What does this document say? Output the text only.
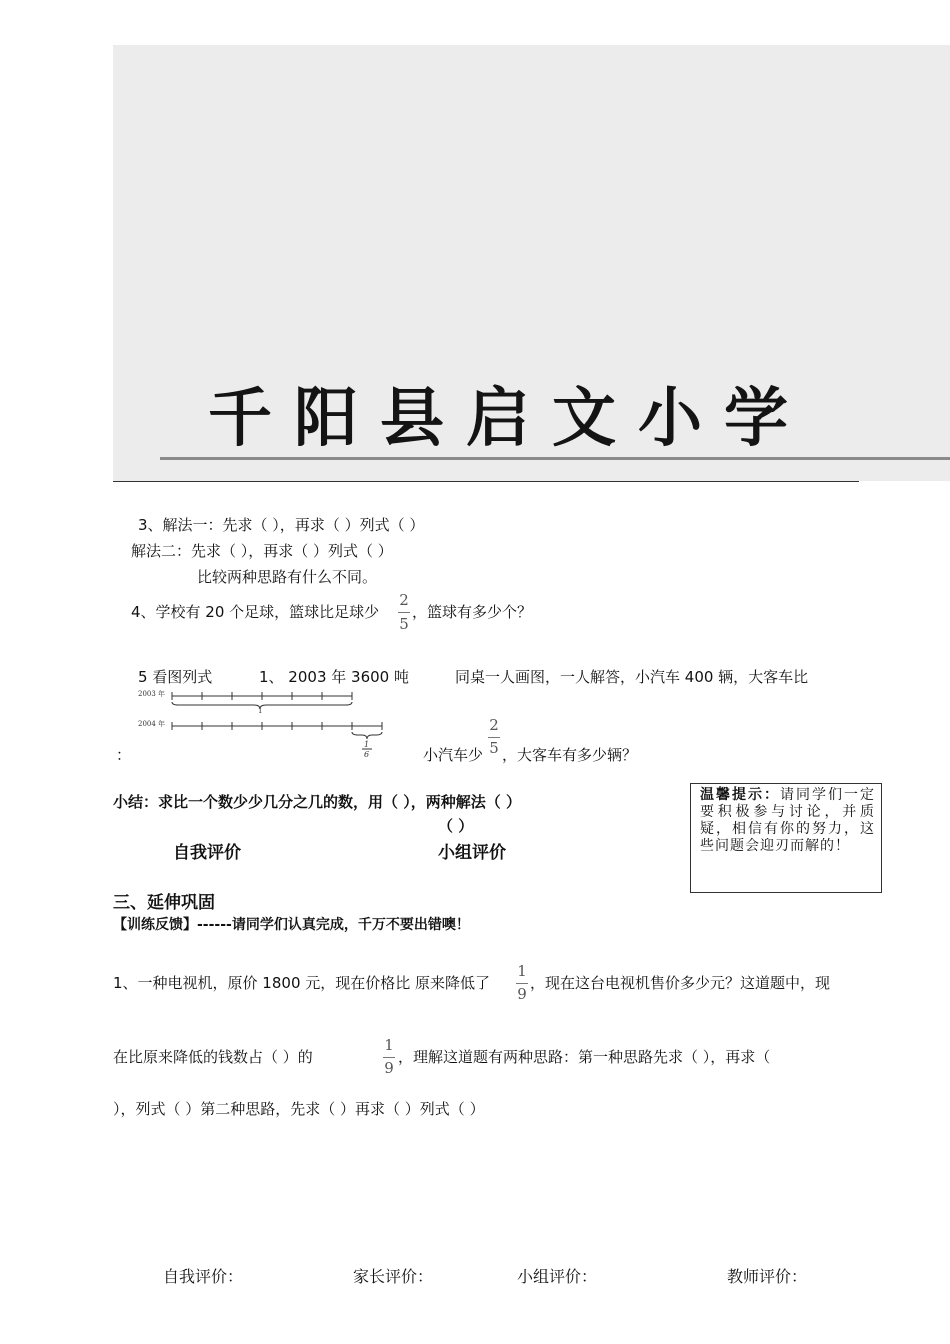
千阳县启文小学
3、解法一：先求（ ），再求（ ）列式（ ）
解法二：先求（ ），再求（ ）列式（ ）
比较两种思路有什么不同。
4、学校有 20 个足球，篮球比足球少
2
5
，篮球有多少个？
5 看图列式	1、 2003 年 3600 吨	同桌一人画图，一人解答，小汽车 400 辆，大客车比
2003 年
1
2004 年
1
6
：	小汽车少
2
5 ，大客车有多少辆？
小结：求比一个数少少几分之几的数，用（ ），两种解法（ ）
（ ）
自我评价	小组评价
温馨提示：请同学们一定要积极参与讨论，并质疑，相信有你的努力，这些问题会迎刃而解的！
三、延伸巩固
【训练反馈】------请同学们认真完成，千万不要出错噢！
1、一种电视机，原价 1800 元，现在价格比 原来降低了
1
9
，现在这台电视机售价多少元？这道题中，现
在比原来降低的钱数占（ ）的
1
9
，理解这道题有两种思路：第一种思路先求（ ），再求（
），列式（ ）第二种思路，先求（ ）再求（ ）列式（ ）
自我评价：	家长评价：	小组评价：	教师评价：
